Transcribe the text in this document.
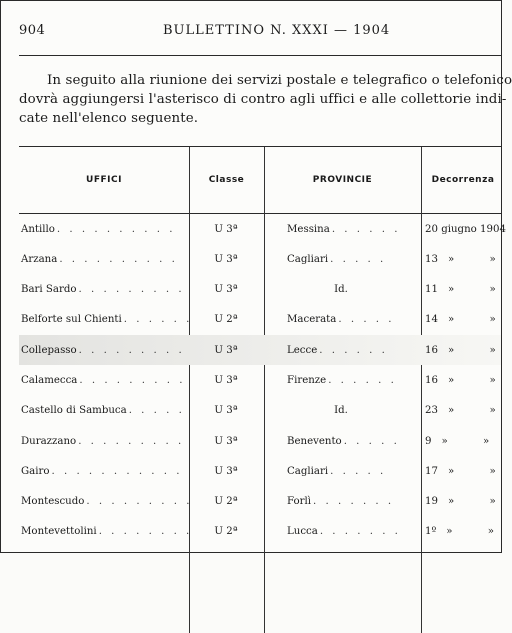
904	BULLETTINO N. XXXI — 1904
In seguito alla riunione dei servizi postale e telegrafico o telefonico
dovrà aggiungersi l'asterisco di contro agli uffici e alle collettorie indi-
cate nell'elenco seguente.
UFFICI	Classe	PROVINCIE	Decorrenza
Antillo . . . . . . . . . .	U 3ª	Messina . . . . . . 20 giugno 1904
Arzana . . . . . . . . . .	U 3ª	Cagliari . . . . .	13 » »
Bari Sardo . . . . . . . . .	U 3ª	Id.	11 » »
Belforte sul Chienti . . . . . .	U 2ª	Macerata . . . . .	14 » »
Collepasso . . . . . . . . .	U 3ª	Lecce . . . . . .	16 » »
Calamecca . . . . . . . . .	U 3ª	Firenze . . . . . .	16 » »
Castello di Sambuca . . . . .	U 3ª	Id.	23 » »
Durazzano . . . . . . . . .	U 3ª	Benevento . . . . . 9 » »
Gairo . . . . . . . . . . .	U 3ª	Cagliari . . . . .	17 » »
Montescudo . . . . . . . . .	U 2ª	Forlì . . . . . . .	19 » »
Montevettolini . . . . . . . .	U 2ª	Lucca . . . . . . . 1º » »
